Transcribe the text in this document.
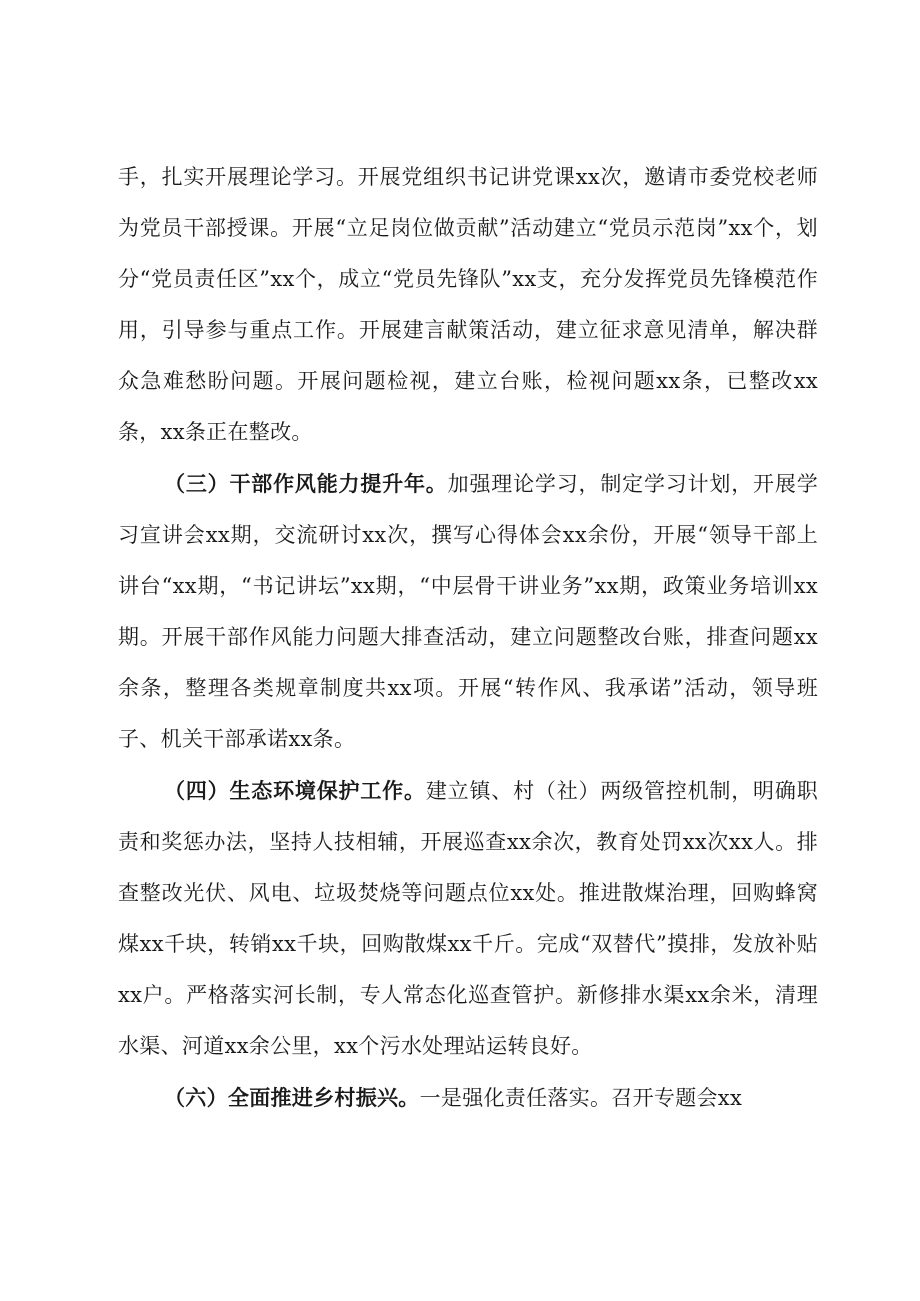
手，扎实开展理论学习。开展党组织书记讲党课xx次，邀请市委党校老师为党员干部授课。开展“立足岗位做贡献”活动建立“党员示范岗”xx个，划分“党员责任区”xx个，成立“党员先锋队”xx支，充分发挥党员先锋模范作用，引导参与重点工作。开展建言献策活动，建立征求意见清单，解决群众急难愁盼问题。开展问题检视，建立台账，检视问题xx条，已整改xx条，xx条正在整改。

（三）干部作风能力提升年。加强理论学习，制定学习计划，开展学习宣讲会xx期，交流研讨xx次，撰写心得体会xx余份，开展“领导干部上讲台“xx期，“书记讲坛”xx期，“中层骨干讲业务”xx期，政策业务培训xx期。开展干部作风能力问题大排查活动，建立问题整改台账，排查问题xx余条，整理各类规章制度共xx项。开展“转作风、我承诺”活动，领导班子、机关干部承诺xx条。

（四）生态环境保护工作。建立镇、村（社）两级管控机制，明确职责和奖惩办法，坚持人技相辅，开展巡查xx余次，教育处罚xx次xx人。排查整改光伏、风电、垃圾焚烧等问题点位xx处。推进散煤治理，回购蜂窝煤xx千块，转销xx千块，回购散煤xx千斤。完成“双替代”摸排，发放补贴xx户。严格落实河长制，专人常态化巡查管护。新修排水渠xx余米，清理水渠、河道xx余公里，xx个污水处理站运转良好。

（六）全面推进乡村振兴。一是强化责任落实。召开专题会xx
